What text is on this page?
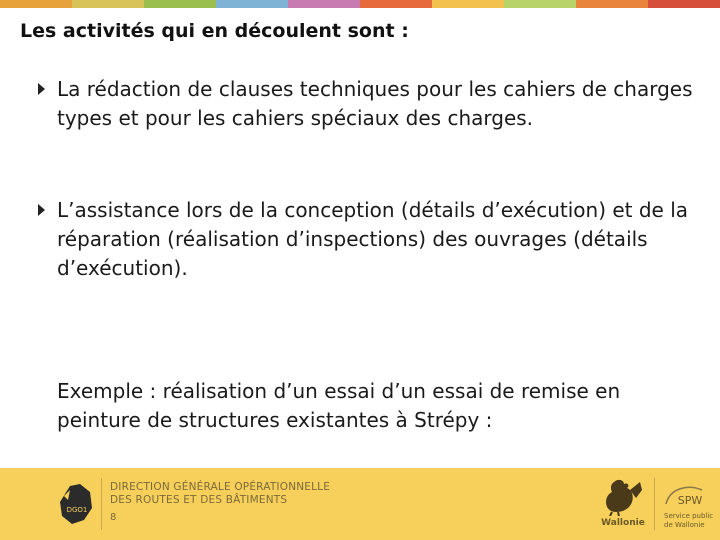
Les activités qui en découlent sont :
La rédaction de clauses techniques pour les cahiers de charges types et pour les cahiers spéciaux des charges.
L’assistance lors de la conception (détails d’exécution) et de la réparation (réalisation d’inspections) des ouvrages (détails d’exécution).

Exemple : réalisation d’un essai d’un essai de remise en peinture de structures existantes à Strépy :

DGO1
DIRECTION GÉNÉRALE OPÉRATIONNELLE
DES ROUTES ET DES BÂTIMENTS
8	Wallonie
SPW
Service public
de Wallonie
